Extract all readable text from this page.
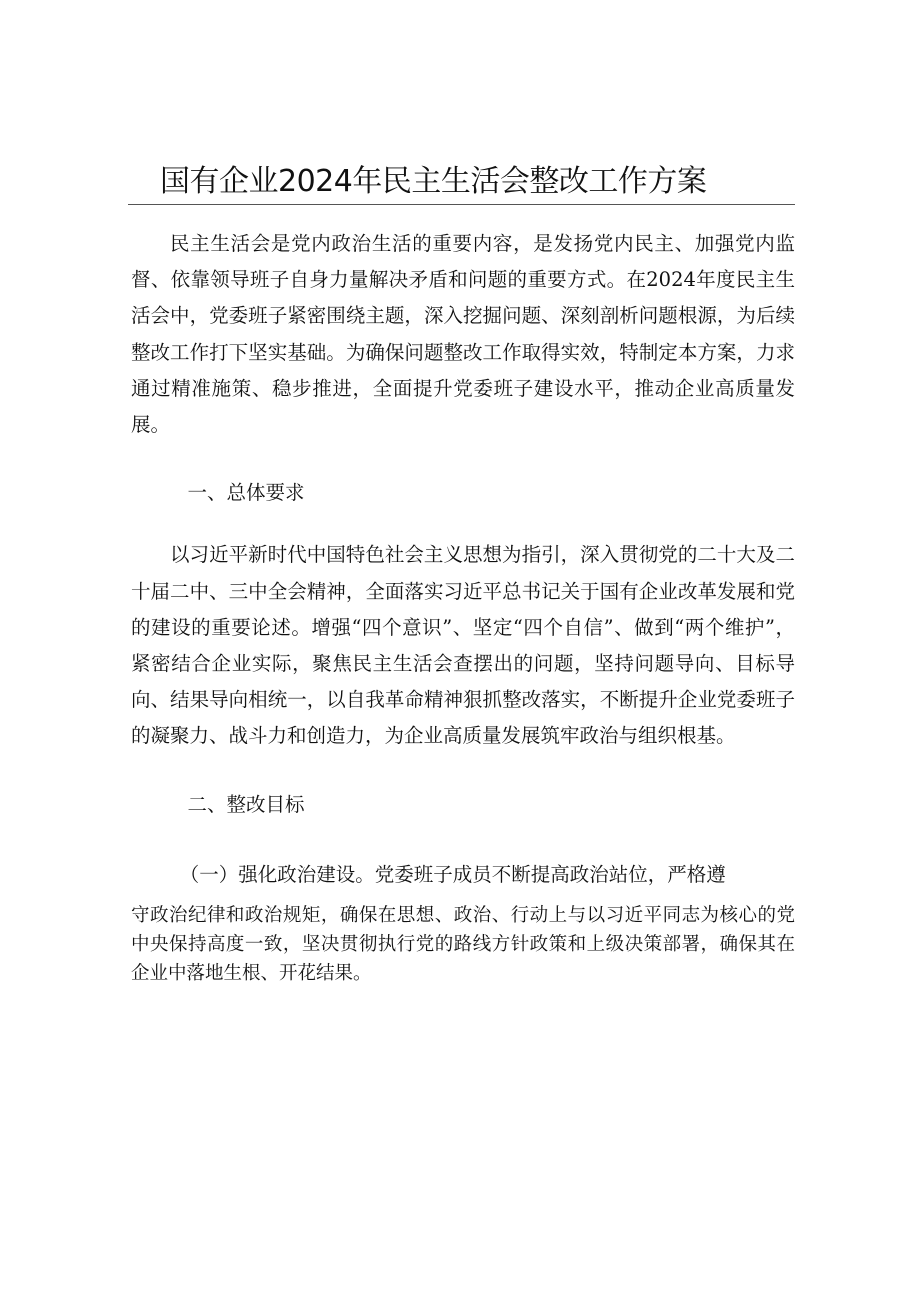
国有企业2024年民主生活会整改工作方案

民主生活会是党内政治生活的重要内容，是发扬党内民主、加强党内监督、依靠领导班子自身力量解决矛盾和问题的重要方式。在2024年度民主生活会中，党委班子紧密围绕主题，深入挖掘问题、深刻剖析问题根源，为后续整改工作打下坚实基础。为确保问题整改工作取得实效，特制定本方案，力求通过精准施策、稳步推进，全面提升党委班子建设水平，推动企业高质量发展。

一、总体要求

以习近平新时代中国特色社会主义思想为指引，深入贯彻党的二十大及二十届二中、三中全会精神，全面落实习近平总书记关于国有企业改革发展和党的建设的重要论述。增强“四个意识”、坚定“四个自信”、做到“两个维护”，紧密结合企业实际，聚焦民主生活会查摆出的问题，坚持问题导向、目标导向、结果导向相统一，以自我革命精神狠抓整改落实，不断提升企业党委班子的凝聚力、战斗力和创造力，为企业高质量发展筑牢政治与组织根基。

二、整改目标

（一）强化政治建设。党委班子成员不断提高政治站位，严格遵
守政治纪律和政治规矩，确保在思想、政治、行动上与以习近平同志为核心的党中央保持高度一致，坚决贯彻执行党的路线方针政策和上级决策部署，确保其在企业中落地生根、开花结果。
